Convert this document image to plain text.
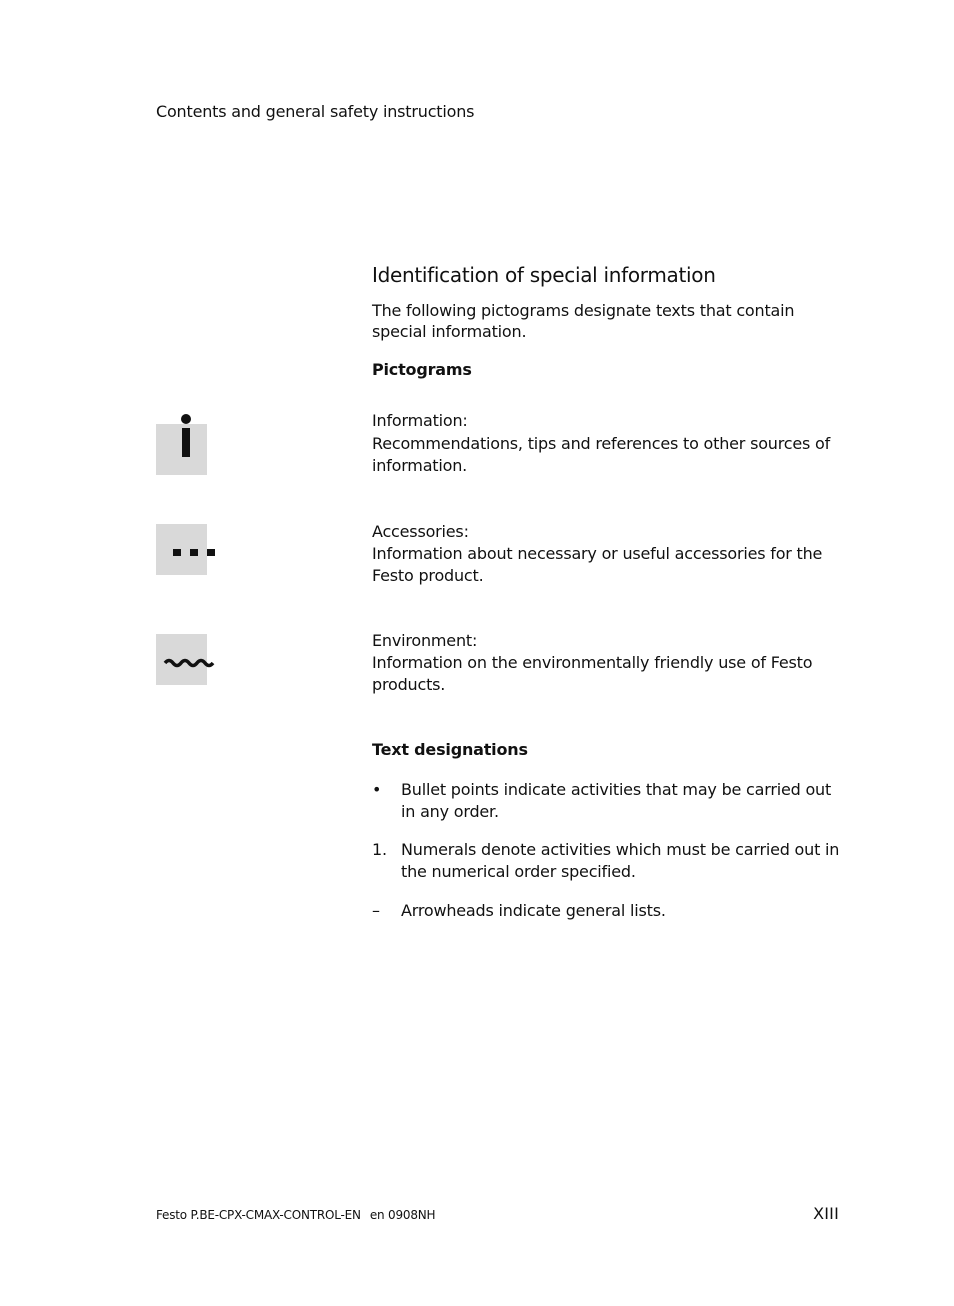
Contents and general safety instructions
Identification of special information
The following pictograms designate texts that contain special information.
Pictograms
Information:
Recommendations, tips and references to other sources of information.
Accessories:
Information about necessary or useful accessories for the Festo product.
Environment:
Information on the environmentally friendly use of Festo products.
Text designations
•	Bullet points indicate activities that may be carried out in any order.
1. Numerals denote activities which must be carried out in the numerical order specified.
–	Arrowheads indicate general lists.
Festo P.BE-CPX-CMAX-CONTROL-EN en 0908NH	XIII
